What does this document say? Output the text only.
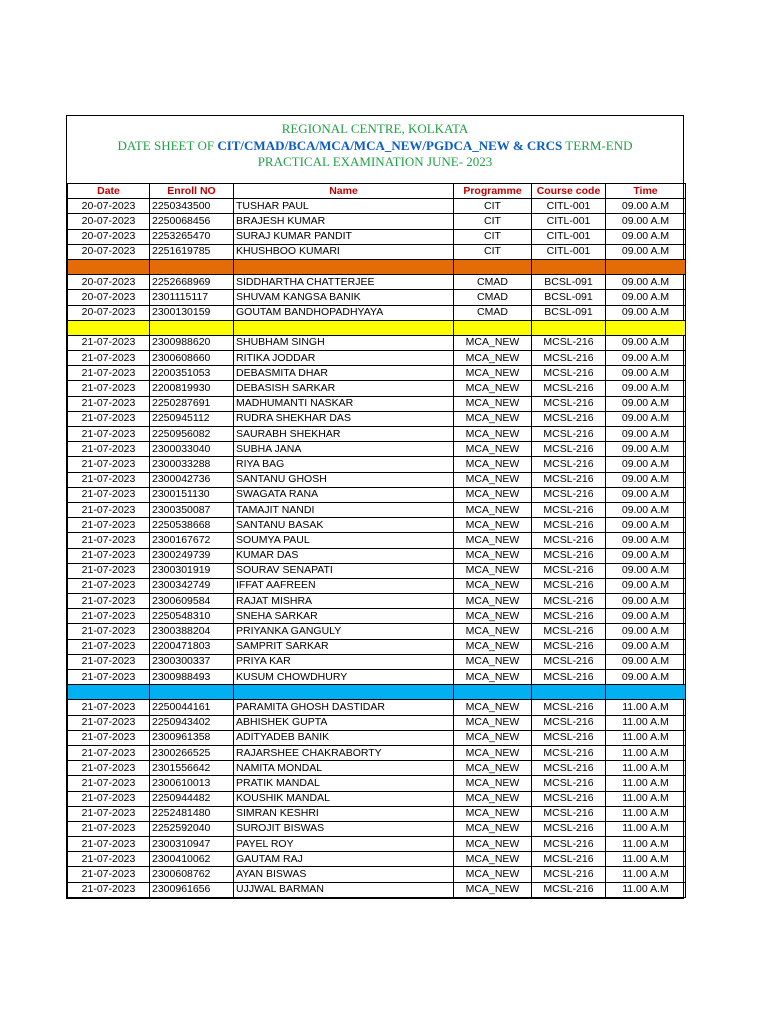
REGIONAL CENTRE, KOLKATA
DATE SHEET OF CIT/CMAD/BCA/MCA/MCA_NEW/PGDCA_NEW & CRCS TERM-END
PRACTICAL EXAMINATION JUNE- 2023
Date	Enroll NO	Name	Programme	Course code	Time
20-07-2023	2250343500	TUSHAR PAUL	CIT	CITL-001	09.00 A.M
20-07-2023	2250068456	BRAJESH KUMAR	CIT	CITL-001	09.00 A.M
20-07-2023	2253265470	SURAJ KUMAR PANDIT	CIT	CITL-001	09.00 A.M
20-07-2023	2251619785	KHUSHBOO KUMARI	CIT	CITL-001	09.00 A.M

20-07-2023	2252668969	SIDDHARTHA CHATTERJEE	CMAD	BCSL-091	09.00 A.M
20-07-2023	2301115117	SHUVAM KANGSA BANIK	CMAD	BCSL-091	09.00 A.M
20-07-2023	2300130159	GOUTAM BANDHOPADHYAYA	CMAD	BCSL-091	09.00 A.M

21-07-2023	2300988620	SHUBHAM SINGH	MCA_NEW	MCSL-216	09.00 A.M
21-07-2023	2300608660	RITIKA JODDAR	MCA_NEW	MCSL-216	09.00 A.M
21-07-2023	2200351053	DEBASMITA DHAR	MCA_NEW	MCSL-216	09.00 A.M
21-07-2023	2200819930	DEBASISH SARKAR	MCA_NEW	MCSL-216	09.00 A.M
21-07-2023	2250287691	MADHUMANTI NASKAR	MCA_NEW	MCSL-216	09.00 A.M
21-07-2023	2250945112	RUDRA SHEKHAR DAS	MCA_NEW	MCSL-216	09.00 A.M
21-07-2023	2250956082	SAURABH SHEKHAR	MCA_NEW	MCSL-216	09.00 A.M
21-07-2023	2300033040	SUBHA JANA	MCA_NEW	MCSL-216	09.00 A.M
21-07-2023	2300033288	RIYA BAG	MCA_NEW	MCSL-216	09.00 A.M
21-07-2023	2300042736	SANTANU GHOSH	MCA_NEW	MCSL-216	09.00 A.M
21-07-2023	2300151130	SWAGATA RANA	MCA_NEW	MCSL-216	09.00 A.M
21-07-2023	2300350087	TAMAJIT NANDI	MCA_NEW	MCSL-216	09.00 A.M
21-07-2023	2250538668	SANTANU BASAK	MCA_NEW	MCSL-216	09.00 A.M
21-07-2023	2300167672	SOUMYA PAUL	MCA_NEW	MCSL-216	09.00 A.M
21-07-2023	2300249739	KUMAR DAS	MCA_NEW	MCSL-216	09.00 A.M
21-07-2023	2300301919	SOURAV SENAPATI	MCA_NEW	MCSL-216	09.00 A.M
21-07-2023	2300342749	IFFAT AAFREEN	MCA_NEW	MCSL-216	09.00 A.M
21-07-2023	2300609584	RAJAT MISHRA	MCA_NEW	MCSL-216	09.00 A.M
21-07-2023	2250548310	SNEHA SARKAR	MCA_NEW	MCSL-216	09.00 A.M
21-07-2023	2300388204	PRIYANKA GANGULY	MCA_NEW	MCSL-216	09.00 A.M
21-07-2023	2200471803	SAMPRIT SARKAR	MCA_NEW	MCSL-216	09.00 A.M
21-07-2023	2300300337	PRIYA KAR	MCA_NEW	MCSL-216	09.00 A.M
21-07-2023	2300988493	KUSUM CHOWDHURY	MCA_NEW	MCSL-216	09.00 A.M

21-07-2023	2250044161	PARAMITA GHOSH DASTIDAR	MCA_NEW	MCSL-216	11.00 A.M
21-07-2023	2250943402	ABHISHEK GUPTA	MCA_NEW	MCSL-216	11.00 A.M
21-07-2023	2300961358	ADITYADEB BANIK	MCA_NEW	MCSL-216	11.00 A.M
21-07-2023	2300266525	RAJARSHEE CHAKRABORTY	MCA_NEW	MCSL-216	11.00 A.M
21-07-2023	2301556642	NAMITA MONDAL	MCA_NEW	MCSL-216	11.00 A.M
21-07-2023	2300610013	PRATIK MANDAL	MCA_NEW	MCSL-216	11.00 A.M
21-07-2023	2250944482	KOUSHIK MANDAL	MCA_NEW	MCSL-216	11.00 A.M
21-07-2023	2252481480	SIMRAN KESHRI	MCA_NEW	MCSL-216	11.00 A.M
21-07-2023	2252592040	SUROJIT BISWAS	MCA_NEW	MCSL-216	11.00 A.M
21-07-2023	2300310947	PAYEL ROY	MCA_NEW	MCSL-216	11.00 A.M
21-07-2023	2300410062	GAUTAM RAJ	MCA_NEW	MCSL-216	11.00 A.M
21-07-2023	2300608762	AYAN BISWAS	MCA_NEW	MCSL-216	11.00 A.M
21-07-2023	2300961656	UJJWAL BARMAN	MCA_NEW	MCSL-216	11.00 A.M
